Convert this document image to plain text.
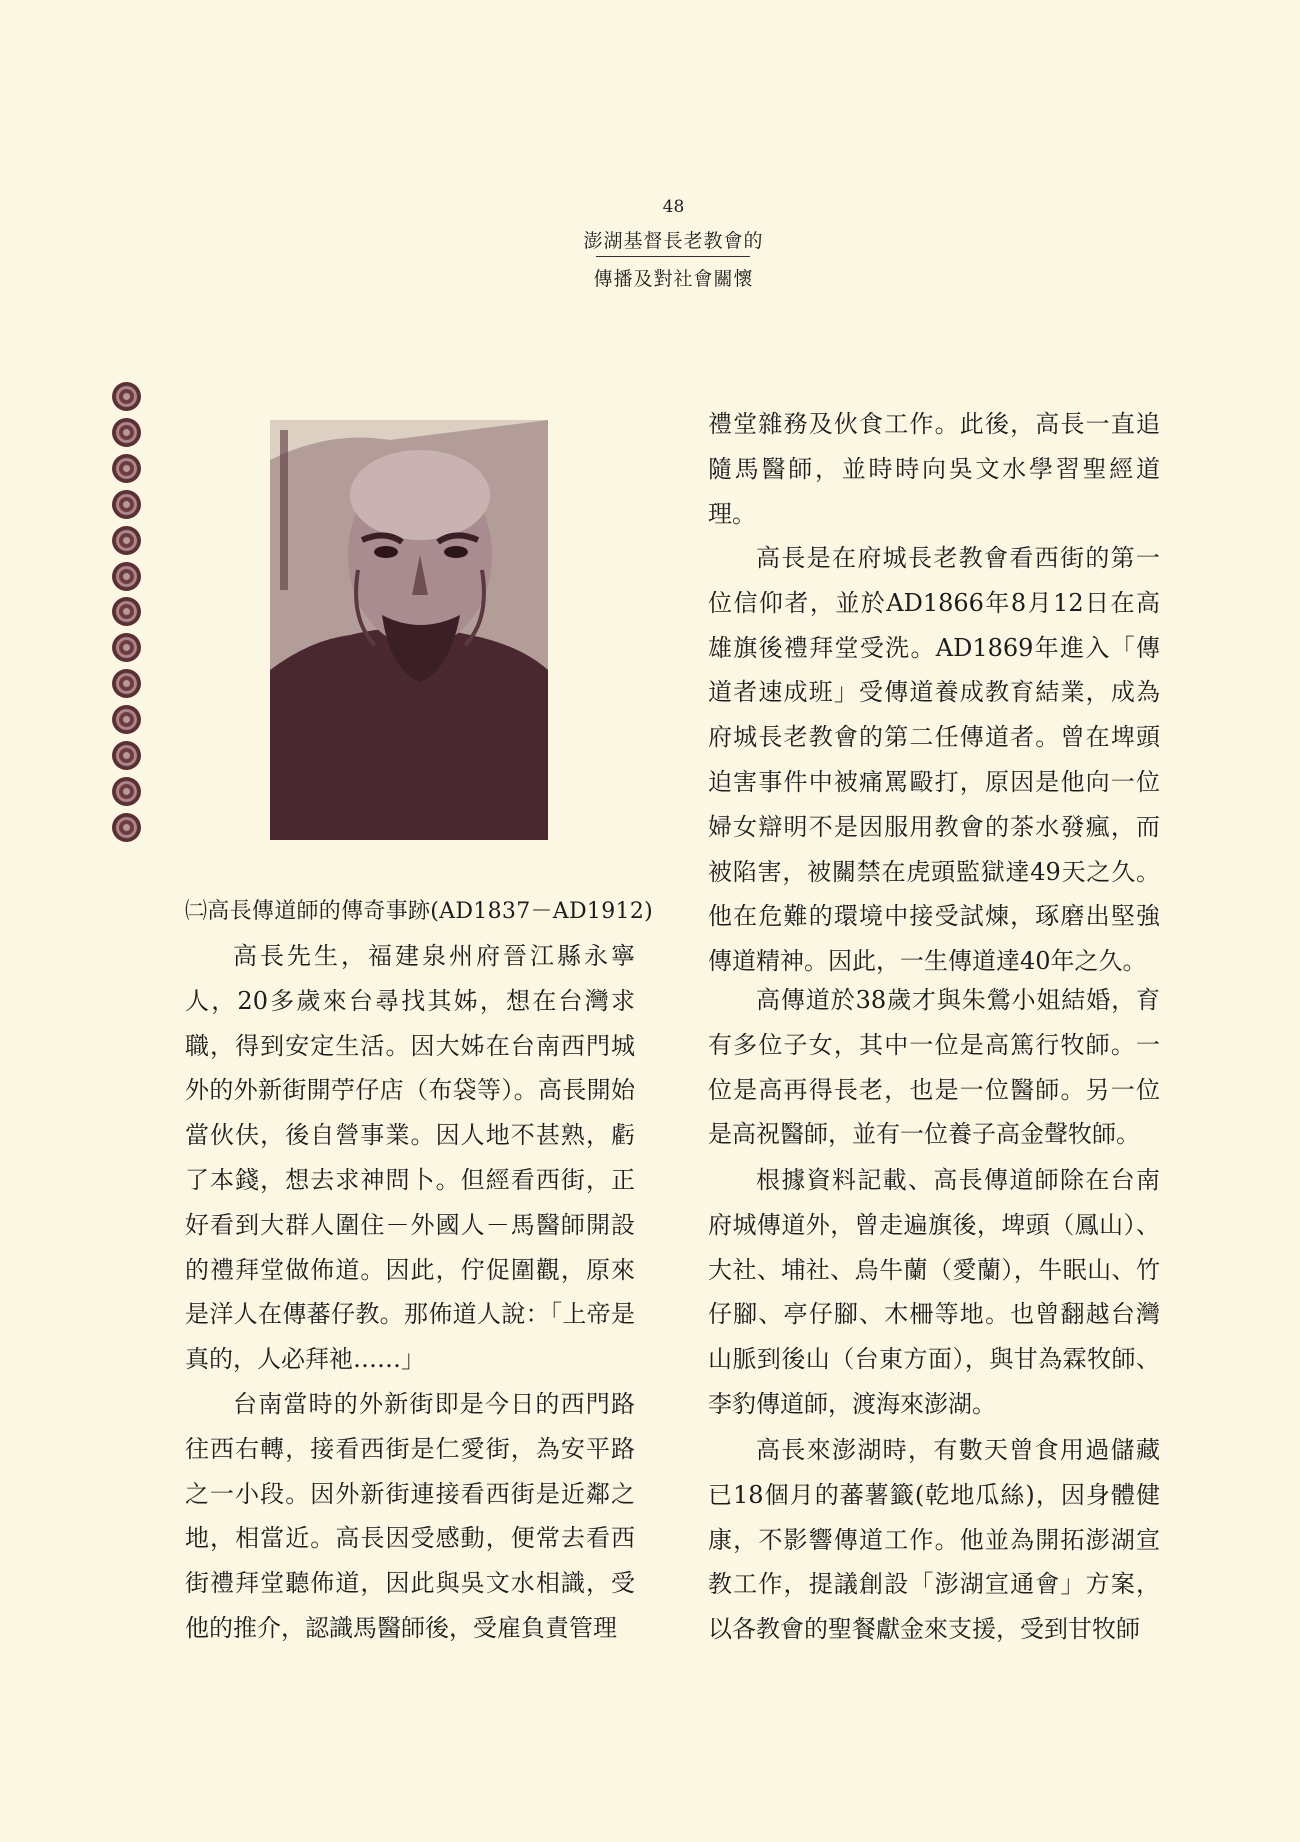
48
澎湖基督長老教會的
傳播及對社會關懷

禮堂雜務及伙食工作。此後，高長一直追隨馬醫師，並時時向吳文水學習聖經道理。

高長是在府城長老教會看西街的第一位信仰者，並於AD1866年8月12日在高雄旗後禮拜堂受洗。AD1869年進入「傳道者速成班」受傳道養成教育結業，成為府城長老教會的第二任傳道者。曾在埤頭迫害事件中被痛罵毆打，原因是他向一位婦女辯明不是因服用教會的茶水發瘋，而被陷害，被關禁在虎頭監獄達49天之久。他在危難的環境中接受試煉，琢磨出堅強傳道精神。因此，一生傳道達40年之久。

高傳道於38歲才與朱鶯小姐結婚，育有多位子女，其中一位是高篤行牧師。一位是高再得長老，也是一位醫師。另一位是高祝醫師，並有一位養子高金聲牧師。

根據資料記載、高長傳道師除在台南府城傳道外，曾走遍旗後，埤頭（鳳山）、大社、埔社、烏牛蘭（愛蘭），牛眠山、竹仔腳、亭仔腳、木柵等地。也曾翻越台灣山脈到後山（台東方面），與甘為霖牧師、李豹傳道師，渡海來澎湖。

高長來澎湖時，有數天曾食用過儲藏已18個月的蕃薯籤(乾地瓜絲)，因身體健康，不影響傳道工作。他並為開拓澎湖宣教工作，提議創設「澎湖宣通會」方案，以各教會的聖餐獻金來支援，受到甘牧師

㈡高長傳道師的傳奇事跡(AD1837－AD1912)

高長先生，福建泉州府晉江縣永寧人，20多歲來台尋找其姊，想在台灣求職，得到安定生活。因大姊在台南西門城外的外新街開苧仔店（布袋等）。高長開始當伙伕，後自營事業。因人地不甚熟，虧了本錢，想去求神問卜。但經看西街，正好看到大群人圍住－外國人－馬醫師開設的禮拜堂做佈道。因此，佇促圍觀，原來是洋人在傳蕃仔教。那佈道人說：「上帝是真的，人必拜祂……」

台南當時的外新街即是今日的西門路往西右轉，接看西街是仁愛街，為安平路之一小段。因外新街連接看西街是近鄰之地，相當近。高長因受感動，便常去看西街禮拜堂聽佈道，因此與吳文水相識，受他的推介，認識馬醫師後，受雇負責管理
